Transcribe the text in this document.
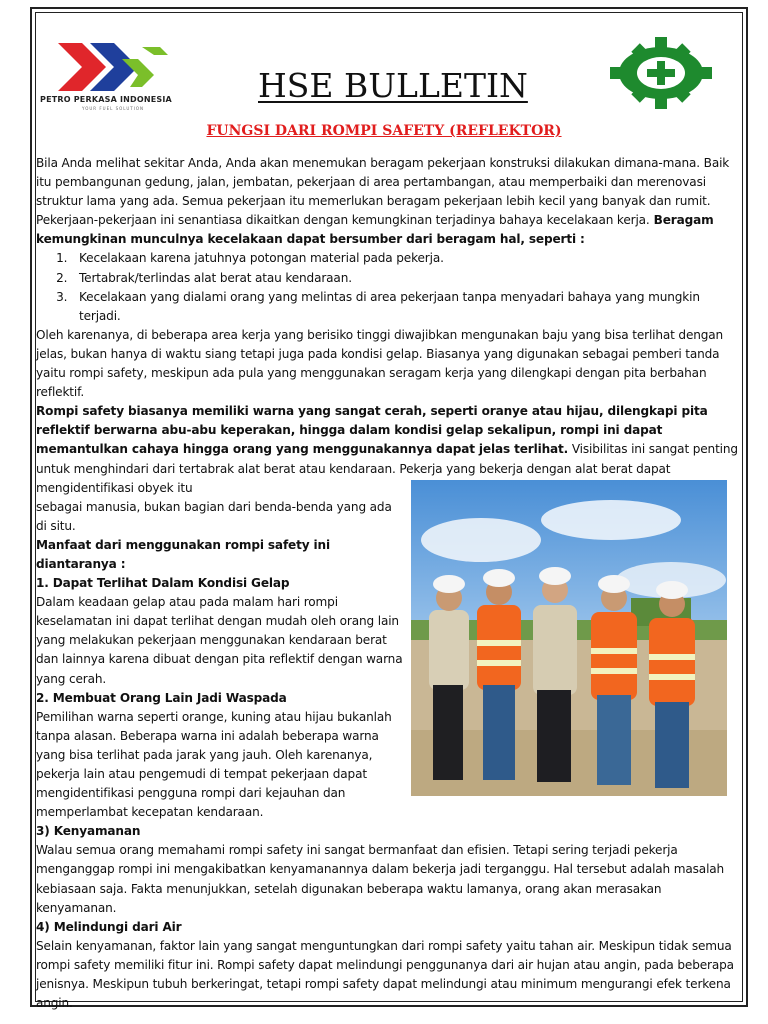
PETRO PERKASA INDONESIA
YOUR FUEL SOLUTION
HSE BULLETIN
FUNGSI DARI ROMPI SAFETY (REFLEKTOR)

Bila Anda melihat sekitar Anda, Anda akan menemukan beragam pekerjaan konstruksi dilakukan dimana-mana. Baik itu pembangunan gedung, jalan, jembatan, pekerjaan di area pertambangan, atau memperbaiki dan merenovasi struktur lama yang ada. Semua pekerjaan itu memerlukan beragam pekerjaan lebih kecil yang banyak dan rumit. Pekerjaan-pekerjaan ini senantiasa dikaitkan dengan kemungkinan terjadinya bahaya kecelakaan kerja. Beragam kemungkinan munculnya kecelakaan dapat bersumber dari beragam hal, seperti :

1. Kecelakaan karena jatuhnya potongan material pada pekerja.
2. Tertabrak/terlindas alat berat atau kendaraan.
3. Kecelakaan yang dialami orang yang melintas di area pekerjaan tanpa menyadari bahaya yang mungkin terjadi.

Oleh karenanya, di beberapa area kerja yang berisiko tinggi diwajibkan mengunakan baju yang bisa terlihat dengan jelas, bukan hanya di waktu siang tetapi juga pada kondisi gelap. Biasanya yang digunakan sebagai pemberi tanda yaitu rompi safety, meskipun ada pula yang menggunakan seragam kerja yang dilengkapi dengan pita berbahan reflektif.

Rompi safety biasanya memiliki warna yang sangat cerah, seperti oranye atau hijau, dilengkapi pita reflektif berwarna abu-abu keperakan, hingga dalam kondisi gelap sekalipun, rompi ini dapat memantulkan cahaya hingga orang yang menggunakannya dapat jelas terlihat. Visibilitas ini sangat penting untuk menghindari dari tertabrak alat berat atau kendaraan. Pekerja yang bekerja dengan alat berat dapat mengidentifikasi obyek itu

sebagai manusia, bukan bagian dari benda-benda yang ada di situ.

Manfaat dari menggunakan rompi safety ini diantaranya :

1. Dapat Terlihat Dalam Kondisi Gelap

Dalam keadaan gelap atau pada malam hari rompi keselamatan ini dapat terlihat dengan mudah oleh orang lain yang melakukan pekerjaan menggunakan kendaraan berat dan lainnya karena dibuat dengan pita reflektif dengan warna yang cerah.

2. Membuat Orang Lain Jadi Waspada

Pemilihan warna seperti orange, kuning atau hijau bukanlah tanpa alasan. Beberapa warna ini adalah beberapa warna yang bisa terlihat pada jarak yang jauh. Oleh karenanya, pekerja lain atau pengemudi di tempat pekerjaan dapat mengidentifikasi pengguna rompi dari kejauhan dan memperlambat kecepatan kendaraan.

3) Kenyamanan

Walau semua orang memahami rompi safety ini sangat bermanfaat dan efisien. Tetapi sering terjadi pekerja menganggap rompi ini mengakibatkan kenyamanannya dalam bekerja jadi terganggu. Hal tersebut adalah masalah kebiasaan saja. Fakta menunjukkan, setelah digunakan beberapa waktu lamanya, orang akan merasakan kenyamanan.

4) Melindungi dari Air

Selain kenyamanan, faktor lain yang sangat menguntungkan dari rompi safety yaitu tahan air. Meskipun tidak semua rompi safety memiliki fitur ini. Rompi safety dapat melindungi penggunanya dari air hujan atau angin, pada beberapa jenisnya. Meskipun tubuh berkeringat, tetapi rompi safety dapat melindungi atau minimum mengurangi efek terkena angin.
